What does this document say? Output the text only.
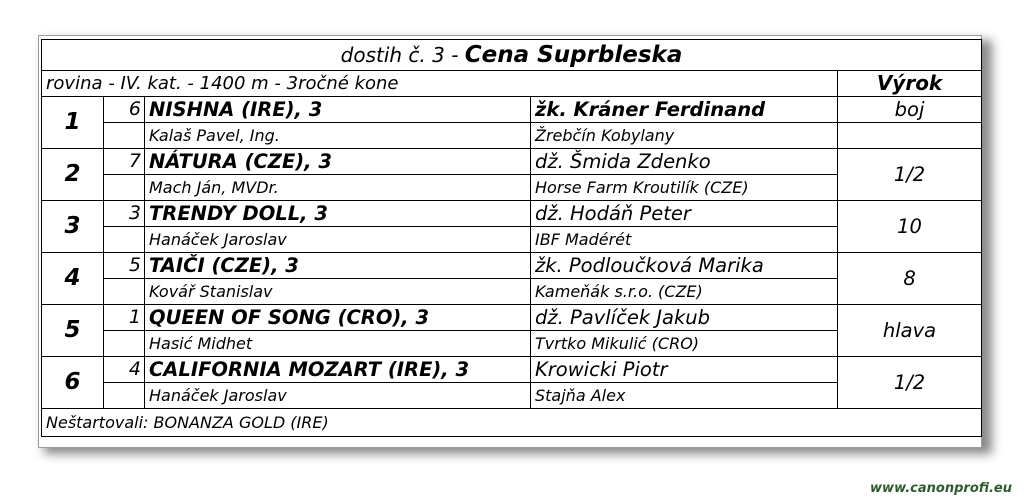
dostih č. 3 - Cena Suprbleska				
rovina - IV. kat. - 1400 m - 3ročné kone				Výrok
1	6	NISHNA (IRE), 3	žk. Kráner Ferdinand	boj
		Kalaš Pavel, Ing.	Žrebčín Kobylany	
2	7	NÁTURA (CZE), 3	dž. Šmida Zdenko	1/2
		Mach Ján, MVDr.	Horse Farm Kroutilík (CZE)	
3	3	TRENDY DOLL, 3	dž. Hodáň Peter	10
		Hanáček Jaroslav	IBF Madérét	
4	5	TAIČI (CZE), 3	žk. Podloučková Marika	8
		Kovář Stanislav	Kameňák s.r.o. (CZE)	
5	1	QUEEN OF SONG (CRO), 3	dž. Pavlíček Jakub	hlava
		Hasić Midhet	Tvrtko Mikulić (CRO)	
6	4	CALIFORNIA MOZART (IRE), 3	Krowicki Piotr	1/2
		Hanáček Jaroslav	Stajňa Alex	
Neštartovali: BONANZA GOLD (IRE)				
www.canonprofi.eu
